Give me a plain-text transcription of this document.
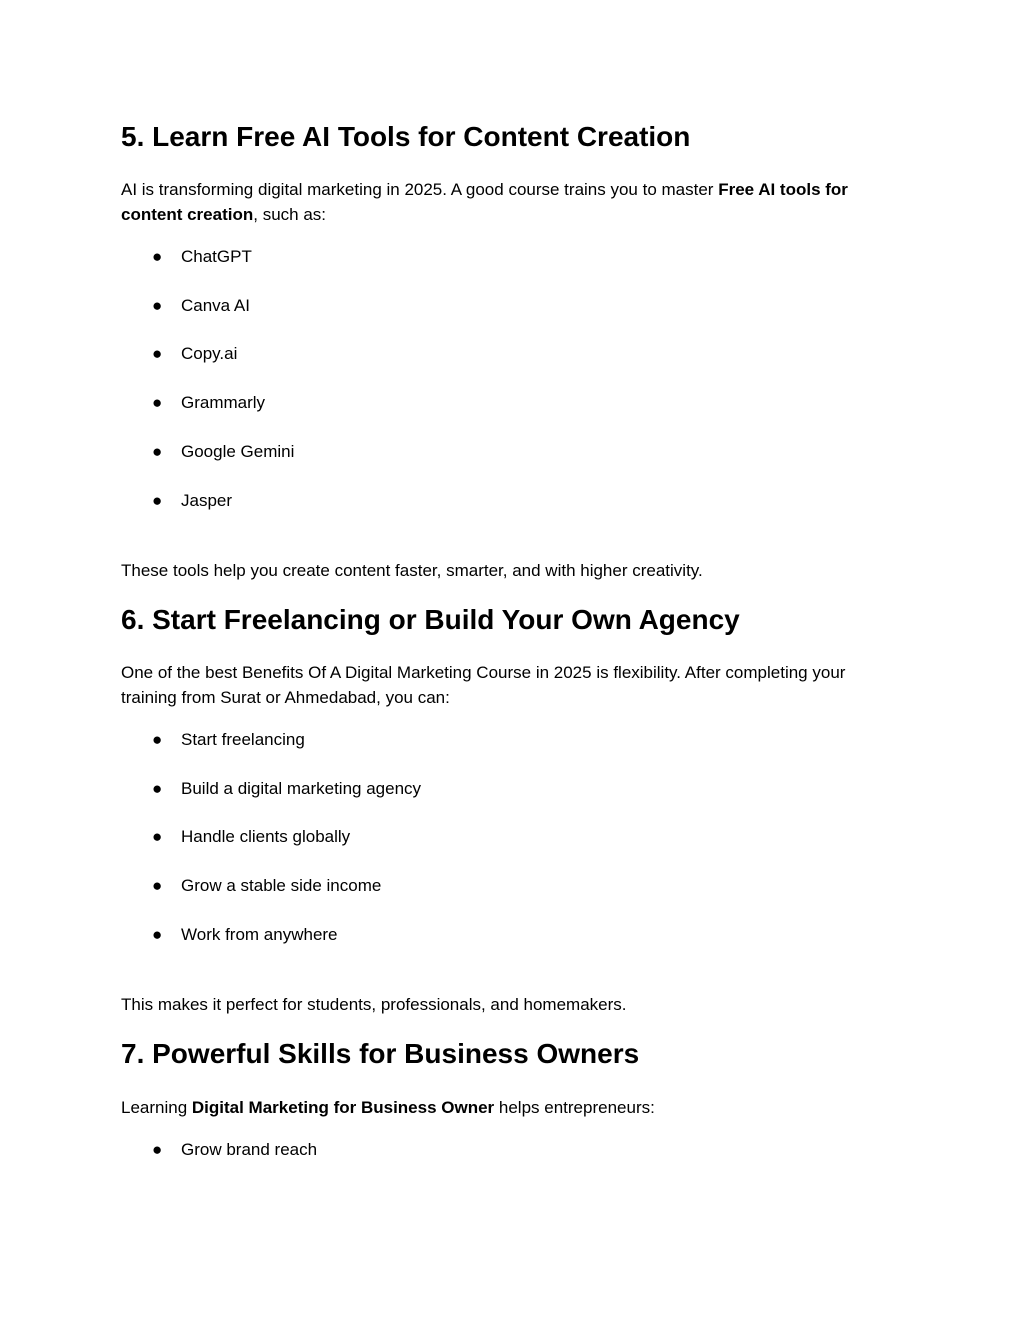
5. Learn Free AI Tools for Content Creation

AI is transforming digital marketing in 2025. A good course trains you to master Free AI tools for content creation, such as:

● ChatGPT
● Canva AI
● Copy.ai
● Grammarly
● Google Gemini
● Jasper

These tools help you create content faster, smarter, and with higher creativity.

6. Start Freelancing or Build Your Own Agency

One of the best Benefits Of A Digital Marketing Course in 2025 is flexibility. After completing your training from Surat or Ahmedabad, you can:

● Start freelancing
● Build a digital marketing agency
● Handle clients globally
● Grow a stable side income
● Work from anywhere

This makes it perfect for students, professionals, and homemakers.

7. Powerful Skills for Business Owners

Learning Digital Marketing for Business Owner helps entrepreneurs:

● Grow brand reach
